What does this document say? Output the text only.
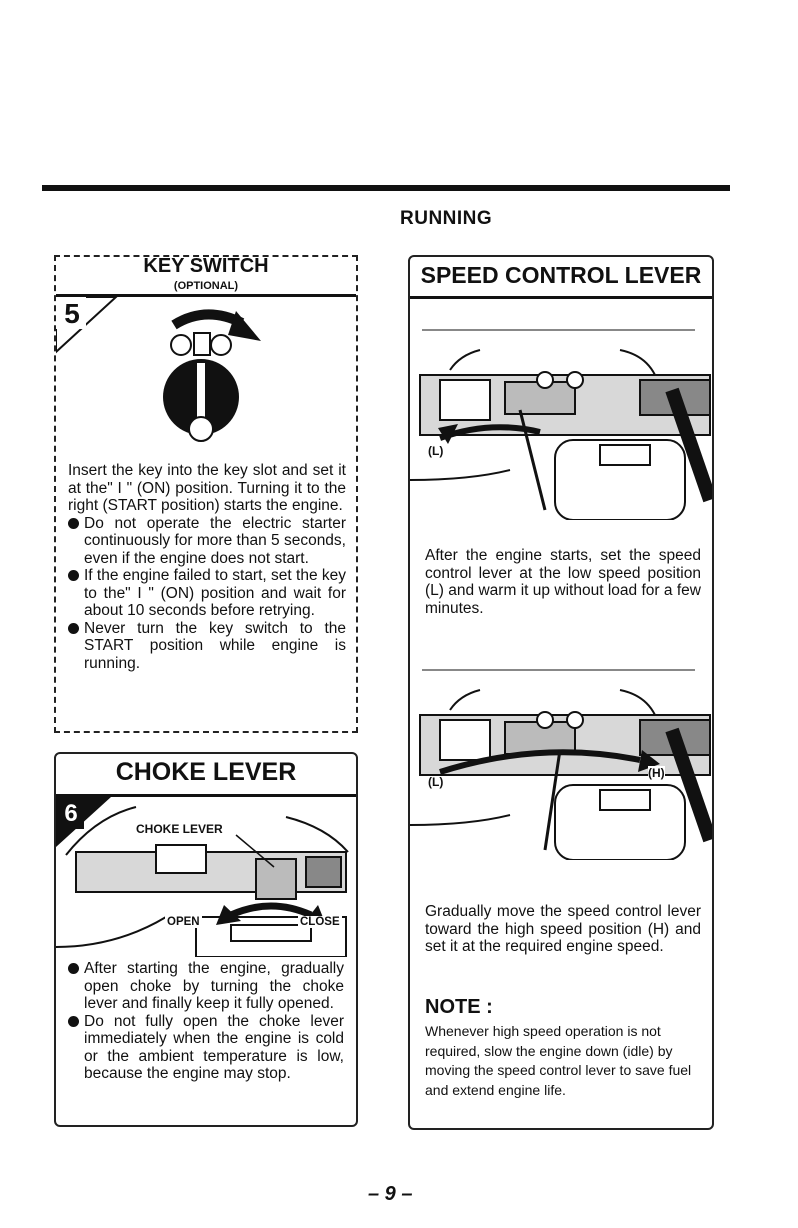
RUNNING
KEY SWITCH
(OPTIONAL)
5

Insert the key into the key slot and set it at the" I " (ON) position. Turning it to the right (START position) starts the engine.

Do not operate the electric starter continuously for more than 5 seconds, even if the engine does not start.

If the engine failed to start, set the key to the" I " (ON) position and wait for about 10 seconds before retrying.

Never turn the key switch to the START position while engine is running.

CHOKE LEVER
6
CHOKE LEVER
OPEN	CLOSE

After starting the engine, gradually open choke by turning the choke lever and finally keep it fully opened.

Do not fully open the choke lever immediately when the engine is cold or the ambient temperature is low, because the engine may stop.

SPEED CONTROL LEVER
(L)

After the engine starts, set the speed control lever at the low speed position (L) and warm it up without load for a few minutes.

(L)
(H)

Gradually move the speed control lever toward the high speed position (H) and set it at the required engine speed.

NOTE :

Whenever high speed operation is not required, slow the engine down (idle) by moving the speed control lever to save fuel and extend engine life.

– 9 –
